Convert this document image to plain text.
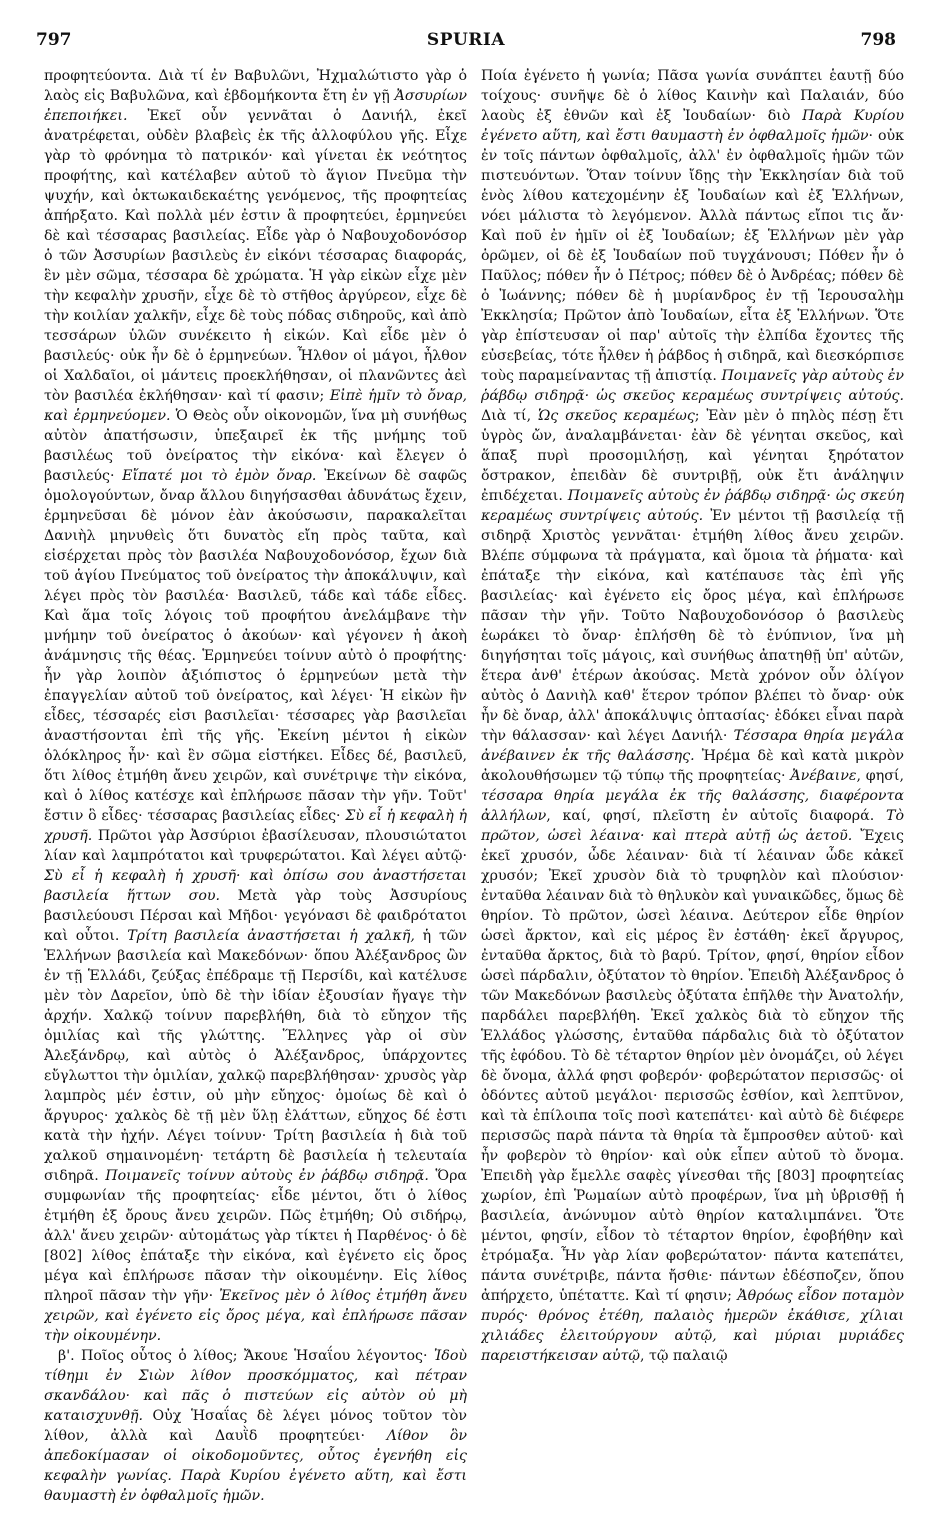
797	SPURIA	798

προφητεύοντα. Διὰ τί ἐν Βαβυλῶνι, Ἠχμαλώτιστο γὰρ ὁ λαὸς εἰς Βαβυλῶνα, καὶ ἑβδομήκοντα ἔτη ἐν γῇ Ἀσσυρίων ἐπεποιήκει. Ἐκεῖ οὖν γεννᾶται ὁ Δανιήλ, ἐκεῖ ἀνατρέφεται, οὐδὲν βλαβεὶς ἐκ τῆς ἀλλοφύλου γῆς. Εἶχε γὰρ τὸ φρόνημα τὸ πατρικόν· καὶ γίνεται ἐκ νεότητος προφήτης, καὶ κατέλαβεν αὐτοῦ τὸ ἅγιον Πνεῦμα τὴν ψυχήν, καὶ ὀκτωκαιδεκαέτης γενόμενος, τῆς προφητείας ἀπήρξατο. Καὶ πολλὰ μέν ἐστιν ἃ προφητεύει, ἑρμηνεύει δὲ καὶ τέσσαρας βασιλείας. Εἶδε γὰρ ὁ Ναβουχοδονόσορ ὁ τῶν Ἀσσυρίων βασιλεὺς ἐν εἰκόνι τέσσαρας διαφοράς, ἓν μὲν σῶμα, τέσσαρα δὲ χρώματα. Ἡ γὰρ εἰκὼν εἶχε μὲν τὴν κεφαλὴν χρυσῆν, εἶχε δὲ τὸ στῆθος ἀργύρεον, εἶχε δὲ τὴν κοιλίαν χαλκῆν, εἶχε δὲ τοὺς πόδας σιδηροῦς, καὶ ἀπὸ τεσσάρων ὑλῶν συνέκειτο ἡ εἰκών. Καὶ εἶδε μὲν ὁ βασιλεύς· οὐκ ἦν δὲ ὁ ἑρμηνεύων. Ἦλθον οἱ μάγοι, ἦλθον οἱ Χαλδαῖοι, οἱ μάντεις προεκλήθησαν, οἱ πλανῶντες ἀεὶ τὸν βασιλέα ἐκλήθησαν· καὶ τί φασιν; Εἰπὲ ἡμῖν τὸ ὄναρ, καὶ ἑρμηνεύομεν. Ὁ Θεὸς οὖν οἰκονομῶν, ἵνα μὴ συνήθως αὐτὸν ἀπατήσωσιν, ὑπεξαιρεῖ ἐκ τῆς μνήμης τοῦ βασιλέως τοῦ ὀνείρατος τὴν εἰκόνα· καὶ ἔλεγεν ὁ βασιλεύς· Εἴπατέ μοι τὸ ἐμὸν ὄναρ. Ἐκείνων δὲ σαφῶς ὁμολογούντων, ὄναρ ἄλλου διηγήσασθαι ἀδυνάτως ἔχειν, ἑρμηνεῦσαι δὲ μόνον ἐὰν ἀκούσωσιν, παρακαλεῖται Δανιὴλ μηνυθεὶς ὅτι δυνατὸς εἴη πρὸς ταῦτα, καὶ εἰσέρχεται πρὸς τὸν βασιλέα Ναβουχοδονόσορ, ἔχων διὰ τοῦ ἁγίου Πνεύματος τοῦ ὀνείρατος τὴν ἀποκάλυψιν, καὶ λέγει πρὸς τὸν βασιλέα· Βασιλεῦ, τάδε καὶ τάδε εἶδες. Καὶ ἅμα τοῖς λόγοις τοῦ προφήτου ἀνελάμβανε τὴν μνήμην τοῦ ὀνείρατος ὁ ἀκούων· καὶ γέγονεν ἡ ἀκοὴ ἀνάμνησις τῆς θέας. Ἑρμηνεύει τοίνυν αὐτὸ ὁ προφήτης· ἦν γὰρ λοιπὸν ἀξιόπιστος ὁ ἑρμηνεύων μετὰ τὴν ἐπαγγελίαν αὐτοῦ τοῦ ὀνείρατος, καὶ λέγει· Ἡ εἰκὼν ἣν εἶδες, τέσσαρές εἰσι βασιλεῖαι· τέσσαρες γὰρ βασιλεῖαι ἀναστήσονται ἐπὶ τῆς γῆς. Ἐκείνη μέντοι ἡ εἰκὼν ὁλόκληρος ἦν· καὶ ἓν σῶμα εἱστήκει. Εἶδες δέ, βασιλεῦ, ὅτι λίθος ἐτμήθη ἄνευ χειρῶν, καὶ συνέτριψε τὴν εἰκόνα, καὶ ὁ λίθος κατέσχε καὶ ἐπλήρωσε πᾶσαν τὴν γῆν. Τοῦτ' ἔστιν ὃ εἶδες· τέσσαρας βασιλείας εἶδες· Σὺ εἶ ἡ κεφαλὴ ἡ χρυσῆ. Πρῶτοι γὰρ Ἀσσύριοι ἐβασίλευσαν, πλουσιώτατοι λίαν καὶ λαμπρότατοι καὶ τρυφερώτατοι. Καὶ λέγει αὐτῷ· Σὺ εἶ ἡ κεφαλὴ ἡ χρυσῆ· καὶ ὀπίσω σου ἀναστήσεται βασιλεία ἥττων σου. Μετὰ γὰρ τοὺς Ἀσσυρίους βασιλεύουσι Πέρσαι καὶ Μῆδοι· γεγόνασι δὲ φαιδρότατοι καὶ οὗτοι. Τρίτη βασιλεία ἀναστήσεται ἡ χαλκῆ, ἡ τῶν Ἑλλήνων βασιλεία καὶ Μακεδόνων· ὅπου Ἀλέξανδρος ὢν ἐν τῇ Ἑλλάδι, ζεύξας ἐπέδραμε τῇ Περσίδι, καὶ κατέλυσε μὲν τὸν Δαρεῖον, ὑπὸ δὲ τὴν ἰδίαν ἐξουσίαν ἤγαγε τὴν ἀρχήν. Χαλκῷ τοίνυν παρεβλήθη, διὰ τὸ εὔηχον τῆς ὁμιλίας καὶ τῆς γλώττης. Ἕλληνες γὰρ οἱ σὺν Ἀλεξάνδρῳ, καὶ αὐτὸς ὁ Ἀλέξανδρος, ὑπάρχοντες εὔγλωττοι τὴν ὁμιλίαν, χαλκῷ παρεβλήθησαν· χρυσὸς γὰρ λαμπρὸς μέν ἐστιν, οὐ μὴν εὔηχος· ὁμοίως δὲ καὶ ὁ ἄργυρος· χαλκὸς δὲ τῇ μὲν ὕλῃ ἐλάττων, εὔηχος δέ ἐστι κατὰ τὴν ἠχήν. Λέγει τοίνυν· Τρίτη βασιλεία ἡ διὰ τοῦ χαλκοῦ σημαινομένη· τετάρτη δὲ βασιλεία ἡ τελευταία σιδηρᾶ. Ποιμανεῖς τοίνυν αὐτοὺς ἐν ῥάβδῳ σιδηρᾷ. Ὅρα συμφωνίαν τῆς προφητείας· εἶδε μέντοι, ὅτι ὁ λίθος ἐτμήθη ἐξ ὄρους ἄνευ χειρῶν. Πῶς ἐτμήθη; Οὐ σιδήρῳ, ἀλλ' ἄνευ χειρῶν· αὐτομάτως γὰρ τίκτει ἡ Παρθένος· ὁ δὲ [802] λίθος ἐπάταξε τὴν εἰκόνα, καὶ ἐγένετο εἰς ὄρος μέγα καὶ ἐπλήρωσε πᾶσαν τὴν οἰκουμένην. Εἰς λίθος πληροῖ πᾶσαν τὴν γῆν· Ἐκεῖνος μὲν ὁ λίθος ἐτμήθη ἄνευ χειρῶν, καὶ ἐγένετο εἰς ὄρος μέγα, καὶ ἐπλήρωσε πᾶσαν τὴν οἰκουμένην.

β'. Ποῖος οὗτος ὁ λίθος; Ἄκουε Ἡσαΐου λέγοντος· Ἰδοὺ τίθημι ἐν Σιὼν λίθον προσκόμματος, καὶ πέτραν σκανδάλου· καὶ πᾶς ὁ πιστεύων εἰς αὐτὸν οὐ μὴ καταισχυνθῇ. Οὐχ Ἡσαΐας δὲ λέγει μόνος τοῦτον τὸν λίθον, ἀλλὰ καὶ Δαυῒδ προφητεύει· Λίθον ὃν ἀπεδοκίμασαν οἱ οἰκοδομοῦντες, οὗτος ἐγενήθη εἰς κεφαλὴν γωνίας. Παρὰ Κυρίου ἐγένετο αὕτη, καὶ ἔστι θαυμαστὴ ἐν ὀφθαλμοῖς ἡμῶν.

Ποία ἐγένετο ἡ γωνία; Πᾶσα γωνία συνάπτει ἑαυτῇ δύο τοίχους· συνῆψε δὲ ὁ λίθος Καινὴν καὶ Παλαιάν, δύο λαοὺς ἐξ ἐθνῶν καὶ ἐξ Ἰουδαίων· διὸ Παρὰ Κυρίου ἐγένετο αὕτη, καὶ ἔστι θαυμαστὴ ἐν ὀφθαλμοῖς ἡμῶν· οὐκ ἐν τοῖς πάντων ὀφθαλμοῖς, ἀλλ' ἐν ὀφθαλμοῖς ἡμῶν τῶν πιστευόντων. Ὅταν τοίνυν ἴδῃς τὴν Ἐκκλησίαν διὰ τοῦ ἑνὸς λίθου κατεχομένην ἐξ Ἰουδαίων καὶ ἐξ Ἑλλήνων, νόει μάλιστα τὸ λεγόμενον. Ἀλλὰ πάντως εἴποι τις ἄν· Καὶ ποῦ ἐν ἡμῖν οἱ ἐξ Ἰουδαίων; ἐξ Ἑλλήνων μὲν γὰρ ὁρῶμεν, οἱ δὲ ἐξ Ἰουδαίων ποῦ τυγχάνουσι; Πόθεν ἦν ὁ Παῦλος; πόθεν ἦν ὁ Πέτρος; πόθεν δὲ ὁ Ἀνδρέας; πόθεν δὲ ὁ Ἰωάννης; πόθεν δὲ ἡ μυρίανδρος ἐν τῇ Ἱερουσαλὴμ Ἐκκλησία; Πρῶτον ἀπὸ Ἰουδαίων, εἶτα ἐξ Ἑλλήνων. Ὅτε γὰρ ἐπίστευσαν οἱ παρ' αὐτοῖς τὴν ἐλπίδα ἔχοντες τῆς εὐσεβείας, τότε ἦλθεν ἡ ῥάβδος ἡ σιδηρᾶ, καὶ διεσκόρπισε τοὺς παραμείναντας τῇ ἀπιστίᾳ. Ποιμανεῖς γὰρ αὐτοὺς ἐν ῥάβδῳ σιδηρᾷ· ὡς σκεῦος κεραμέως συντρίψεις αὐτούς. Διὰ τί, Ὡς σκεῦος κεραμέως; Ἐὰν μὲν ὁ πηλὸς πέσῃ ἔτι ὑγρὸς ὤν, ἀναλαμβάνεται· ἐὰν δὲ γένηται σκεῦος, καὶ ἅπαξ πυρὶ προσομιλήσῃ, καὶ γένηται ξηρότατον ὄστρακον, ἐπειδὰν δὲ συντριβῇ, οὐκ ἔτι ἀνάληψιν ἐπιδέχεται. Ποιμανεῖς αὐτοὺς ἐν ῥάβδῳ σιδηρᾷ· ὡς σκεύη κεραμέως συντρίψεις αὐτούς. Ἐν μέντοι τῇ βασιλείᾳ τῇ σιδηρᾷ Χριστὸς γεννᾶται· ἐτμήθη λίθος ἄνευ χειρῶν. Βλέπε σύμφωνα τὰ πράγματα, καὶ ὅμοια τὰ ῥήματα· καὶ ἐπάταξε τὴν εἰκόνα, καὶ κατέπαυσε τὰς ἐπὶ γῆς βασιλείας· καὶ ἐγένετο εἰς ὄρος μέγα, καὶ ἐπλήρωσε πᾶσαν τὴν γῆν. Τοῦτο Ναβουχοδονόσορ ὁ βασιλεὺς ἑωράκει τὸ ὄναρ· ἐπλήσθη δὲ τὸ ἐνύπνιον, ἵνα μὴ διηγήσηται τοῖς μάγοις, καὶ συνήθως ἀπατηθῇ ὑπ' αὐτῶν, ἕτερα ἀνθ' ἑτέρων ἀκούσας. Μετὰ χρόνον οὖν ὀλίγον αὐτὸς ὁ Δανιὴλ καθ' ἕτερον τρόπον βλέπει τὸ ὄναρ· οὐκ ἦν δὲ ὄναρ, ἀλλ' ἀποκάλυψις ὀπτασίας· ἐδόκει εἶναι παρὰ τὴν θάλασσαν· καὶ λέγει Δανιήλ· Τέσσαρα θηρία μεγάλα ἀνέβαινεν ἐκ τῆς θαλάσσης. Ἠρέμα δὲ καὶ κατὰ μικρὸν ἀκολουθήσωμεν τῷ τύπῳ τῆς προφητείας· Ἀνέβαινε, φησί, τέσσαρα θηρία μεγάλα ἐκ τῆς θαλάσσης, διαφέροντα ἀλλήλων, καί, φησί, πλεῖστη ἐν αὐτοῖς διαφορά. Τὸ πρῶτον, ὡσεὶ λέαινα· καὶ πτερὰ αὐτῇ ὡς ἀετοῦ. Ἔχεις ἐκεῖ χρυσόν, ὧδε λέαιναν· διὰ τί λέαιναν ὧδε κἀκεῖ χρυσόν; Ἐκεῖ χρυσὸν διὰ τὸ τρυφηλὸν καὶ πλούσιον· ἐνταῦθα λέαιναν διὰ τὸ θηλυκὸν καὶ γυναικῶδες, ὅμως δὲ θηρίον. Τὸ πρῶτον, ὡσεὶ λέαινα. Δεύτερον εἶδε θηρίον ὡσεὶ ἄρκτον, καὶ εἰς μέρος ἓν ἐστάθη· ἐκεῖ ἄργυρος, ἐνταῦθα ἄρκτος, διὰ τὸ βαρύ. Τρίτον, φησί, θηρίον εἶδον ὡσεὶ πάρδαλιν, ὀξύτατον τὸ θηρίον. Ἐπειδὴ Ἀλέξανδρος ὁ τῶν Μακεδόνων βασιλεὺς ὀξύτατα ἐπῆλθε τὴν Ἀνατολήν, παρδάλει παρεβλήθη. Ἐκεῖ χαλκὸς διὰ τὸ εὔηχον τῆς Ἑλλάδος γλώσσης, ἐνταῦθα πάρδαλις διὰ τὸ ὀξύτατον τῆς ἐφόδου. Τὸ δὲ τέταρτον θηρίον μὲν ὀνομάζει, οὐ λέγει δὲ ὄνομα, ἀλλά φησι φοβερόν· φοβερώτατον περισσῶς· οἱ ὀδόντες αὐτοῦ μεγάλοι· περισσῶς ἐσθίον, καὶ λεπτῦνον, καὶ τὰ ἐπίλοιπα τοῖς ποσὶ κατεπάτει· καὶ αὐτὸ δὲ διέφερε περισσῶς παρὰ πάντα τὰ θηρία τὰ ἔμπροσθεν αὐτοῦ· καὶ ἦν φοβερὸν τὸ θηρίον· καὶ οὐκ εἶπεν αὐτοῦ τὸ ὄνομα. Ἐπειδὴ γὰρ ἔμελλε σαφὲς γίνεσθαι τῆς [803] προφητείας χωρίον, ἐπὶ Ῥωμαίων αὐτὸ προφέρων, ἵνα μὴ ὑβρισθῇ ἡ βασιλεία, ἀνώνυμον αὐτὸ θηρίον καταλιμπάνει. Ὅτε μέντοι, φησίν, εἶδον τὸ τέταρτον θηρίον, ἐφοβήθην καὶ ἐτρόμαξα. Ἦν γὰρ λίαν φοβερώτατον· πάντα κατεπάτει, πάντα συνέτριβε, πάντα ἤσθιε· πάντων ἐδέσποζεν, ὅπου ἀπήρχετο, ὑπέταττε. Καὶ τί φησιν; Ἀθρόως εἶδον ποταμὸν πυρός· θρόνος ἐτέθη, παλαιὸς ἡμερῶν ἐκάθισε, χίλιαι χιλιάδες ἐλειτούργουν αὐτῷ, καὶ μύριαι μυριάδες παρειστήκεισαν αὐτῷ, τῷ παλαιῷ
